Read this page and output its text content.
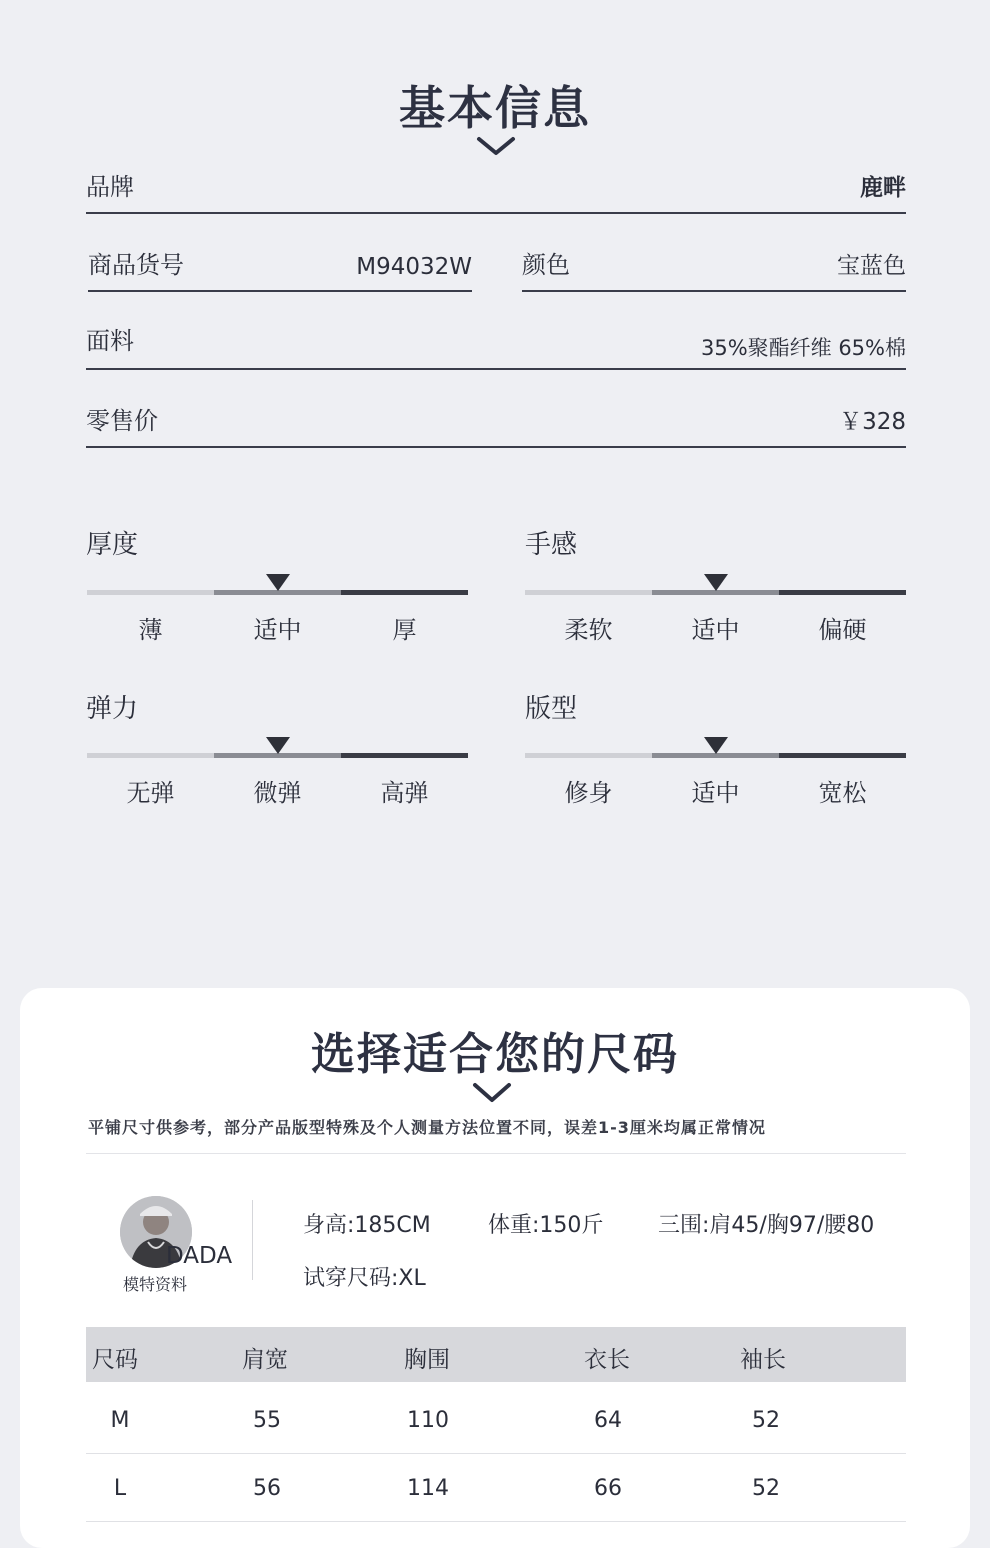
基本信息
品牌	鹿畔
商品货号	M94032W 颜色	宝蓝色
面料	35%聚酯纤维 65%棉
零售价	￥328
厚度
薄	适中	厚
手感
柔软	适中	偏硬
弹力
无弹	微弹	高弹
版型
修身	适中	宽松
选择适合您的尺码
平铺尺寸供参考，部分产品版型特殊及个人测量方法位置不同，误差1-3厘米均属正常情况
DADA
模特资料
身高:185CM	体重:150斤 三围:肩45/胸97/腰80
试穿尺码:XL
尺码	肩宽	胸围	衣长	袖长
M	55	110	64	52
L	56	114	66	52
